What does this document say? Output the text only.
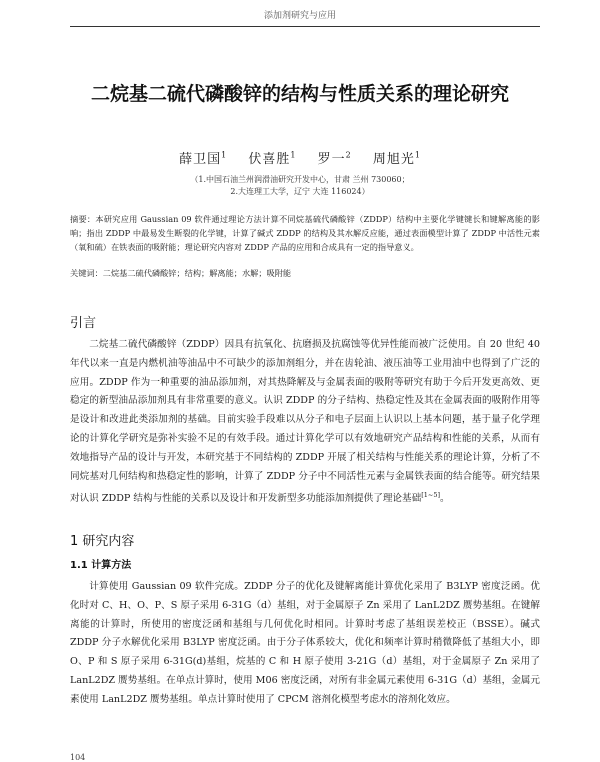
添加剂研究与应用
二烷基二硫代磷酸锌的结构与性质关系的理论研究
薛卫国$^1$ 伏喜胜$^1$ 罗一$^2$ 周旭光$^1$
（1.中国石油兰州润滑油研究开发中心，甘肃 兰州 730060；
2.大连理工大学，辽宁 大连 116024）
摘要：本研究应用 Gaussian 09 软件通过理论方法计算不同烷基硫代磷酸锌（ZDDP）结构中主要化学键键长和键解离能的影响；指出 ZDDP 中最易发生断裂的化学键，计算了碱式 ZDDP 的结构及其水解反应能，通过表面模型计算了 ZDDP 中活性元素（氧和硫）在铁表面的吸附能；理论研究内容对 ZDDP 产品的应用和合成具有一定的指导意义。
关键词：二烷基二硫代磷酸锌；结构；解离能；水解；吸附能
引言
二烷基二硫代磷酸锌（ZDDP）因具有抗氧化、抗磨损及抗腐蚀等优异性能而被广泛使用。自 20 世纪 40 年代以来一直是内燃机油等油品中不可缺少的添加剂组分，并在齿轮油、液压油等工业用油中也得到了广泛的应用。ZDDP 作为一种重要的油品添加剂，对其热降解及与金属表面的吸附等研究有助于今后开发更高效、更稳定的新型油品添加剂具有非常重要的意义。认识 ZDDP 的分子结构、热稳定性及其在金属表面的吸附作用等是设计和改进此类添加剂的基础。目前实验手段难以从分子和电子层面上认识以上基本问题，基于量子化学理论的计算化学研究是弥补实验不足的有效手段。通过计算化学可以有效地研究产品结构和性能的关系，从而有效地指导产品的设计与开发，本研究基于不同结构的 ZDDP 开展了相关结构与性能关系的理论计算，分析了不同烷基对几何结构和热稳定性的影响，计算了 ZDDP 分子中不同活性元素与金属铁表面的结合能等。研究结果对认识 ZDDP 结构与性能的关系以及设计和开发新型多功能添加剂提供了理论基础[1~5]。
1 研究内容
1.1 计算方法
计算使用 Gaussian 09 软件完成。ZDDP 分子的优化及键解离能计算优化采用了 B3LYP 密度泛函。优化时对 C、H、O、P、S 原子采用 6-31G（d）基组，对于金属原子 Zn 采用了 LanL2DZ 赝势基组。在键解离能的计算时，所使用的密度泛函和基组与几何优化时相同。计算时考虑了基组误差校正（BSSE）。碱式 ZDDP 分子水解优化采用 B3LYP 密度泛函。由于分子体系较大，优化和频率计算时稍微降低了基组大小，即 O、P 和 S 原子采用 6-31G(d)基组，烷基的 C 和 H 原子使用 3-21G（d）基组，对于金属原子 Zn 采用了 LanL2DZ 赝势基组。在单点计算时，使用 M06 密度泛函，对所有非金属元素使用 6-31G（d）基组，金属元素使用 LanL2DZ 赝势基组。单点计算时使用了 CPCM 溶剂化模型考虑水的溶剂化效应。
104
